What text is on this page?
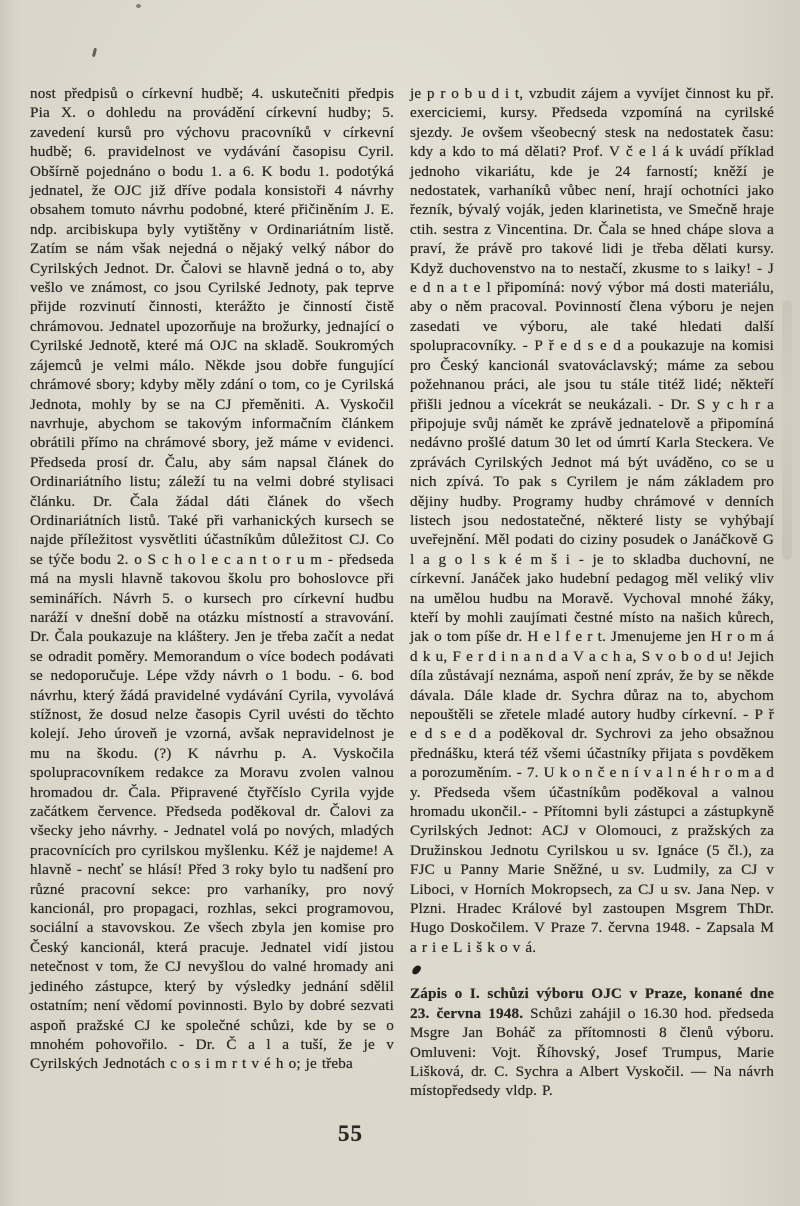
nost předpisů o církevní hudbě; 4. uskutečniti předpis Pia X. o dohledu na provádění církevní hudby; 5. zavedení kursů pro výchovu pracovníků v církevní hudbě; 6. pravidelnost ve vydávání časopisu Cyril. Obšírně pojednáno o bodu 1. a 6. K bodu 1. podotýká jednatel, že OJC již dříve podala konsistoři 4 návrhy obsahem tomuto návrhu podobné, které přičiněním J. E. ndp. arcibiskupa byly vytištěny v Ordinariátním listě. Zatím se nám však nejedná o nějaký velký nábor do Cyrilských Jednot. Dr. Čalovi se hlavně jedná o to, aby vešlo ve známost, co jsou Cyrilské Jednoty, pak teprve přijde rozvinutí činnosti, kterážto je činností čistě chrámovou. Jednatel upozorňuje na brožurky, jednající o Cyrilské Jednotě, které má OJC na skladě. Soukromých zájemců je velmi málo. Někde jsou dobře fungující chrámové sbory; kdyby měly zdání o tom, co je Cyrilská Jednota, mohly by se na CJ přeměniti. A. Vyskočil navrhuje, abychom se takovým informačním článkem obrátili přímo na chrámové sbory, jež máme v evidenci. Předseda prosí dr. Čalu, aby sám napsal článek do Ordinariátního listu; záleží tu na velmi dobré stylisaci článku. Dr. Čala žádal dáti článek do všech Ordinariátních listů. Také při varhanických kursech se najde příležitost vysvětliti účastníkům důležitost CJ. Co se týče bodu 2. o S c h o l e c a n t o r u m - předseda má na mysli hlavně takovou školu pro bohoslovce při seminářích. Návrh 5. o kursech pro církevní hudbu naráží v dnešní době na otázku místností a stravování. Dr. Čala poukazuje na kláštery. Jen je třeba začít a nedat se odradit poměry. Memorandum o více bodech podávati se nedoporučuje. Lépe vždy návrh o 1 bodu. - 6. bod návrhu, který žádá pravidelné vydávání Cyrila, vyvolává stížnost, že dosud nelze časopis Cyril uvésti do těchto kolejí. Jeho úroveň je vzorná, avšak nepravidelnost je mu na škodu. (?) K návrhu p. A. Vyskočila spolupracovníkem redakce za Moravu zvolen valnou hromadou dr. Čala. Připravené čtyřčíslo Cyrila vyjde začátkem července. Předseda poděkoval dr. Čalovi za všecky jeho návrhy. - Jednatel volá po nových, mladých pracovnících pro cyrilskou myšlenku. Kéž je najdeme! A hlavně - nechť se hlásí! Před 3 roky bylo tu nadšení pro různé pracovní sekce: pro varhaníky, pro nový kancionál, pro propagaci, rozhlas, sekci programovou, sociální a stavovskou. Ze všech zbyla jen komise pro Český kancionál, která pracuje. Jednatel vidí jistou netečnost v tom, že CJ nevyšlou do valné hromady ani jediného zástupce, který by výsledky jednání sdělil ostatním; není vědomí povinnosti. Bylo by dobré sezvati aspoň pražské CJ ke společné schůzi, kde by se o mnohém pohovořilo. - Dr. Č a l a tuší, že je v Cyrilských Jednotách c o s i m r t v é h o; je třeba

je p r o b u d i t, vzbudit zájem a vyvíjet činnost ku př. exerciciemi, kursy. Předseda vzpomíná na cyrilské sjezdy. Je ovšem všeobecný stesk na nedostatek času: kdy a kdo to má dělati? Prof. V č e l á k uvádí příklad jednoho vikariátu, kde je 24 farností; kněží je nedostatek, varhaníků vůbec není, hrají ochotníci jako řezník, bývalý voják, jeden klarinetista, ve Smečně hraje ctih. sestra z Vincentina. Dr. Čala se hned chápe slova a praví, že právě pro takové lidi je třeba dělati kursy. Když duchovenstvo na to nestačí, zkusme to s laiky! - J e d n a t e l připomíná: nový výbor má dosti materiálu, aby o něm pracoval. Povinností člena výboru je nejen zasedati ve výboru, ale také hledati další spolupracovníky. - P ř e d s e d a poukazuje na komisi pro Český kancionál svatováclavský; máme za sebou požehnanou práci, ale jsou tu stále titéž lidé; někteří přišli jednou a vícekrát se neukázali. - Dr. S y c h r a připojuje svůj námět ke zprávě jednatelově a připomíná nedávno prošlé datum 30 let od úmrtí Karla Steckera. Ve zprávách Cyrilských Jednot má být uváděno, co se u nich zpívá. To pak s Cyrilem je nám základem pro dějiny hudby. Programy hudby chrámové v denních listech jsou nedostatečné, některé listy se vyhýbají uveřejnění. Měl podati do ciziny posudek o Janáčkově G l a g o l s k é m š i - je to skladba duchovní, ne církevní. Janáček jako hudební pedagog měl veliký vliv na umělou hudbu na Moravě. Vychoval mnohé žáky, kteří by mohli zaujímati čestné místo na našich kůrech, jak o tom píše dr. H e l f e r t. Jmenujeme jen H r o m á d k u, F e r d i n a n d a V a c h a, S v o b o d u! Jejich díla zůstávají neznáma, aspoň není zpráv, že by se někde dávala. Dále klade dr. Sychra důraz na to, abychom nepouštěli se zřetele mladé autory hudby církevní. - P ř e d s e d a poděkoval dr. Sychrovi za jeho obsažnou přednášku, která též všemi účastníky přijata s povděkem a porozuměním. - 7. U k o n č e n í v a l n é h r o m a d y. Předseda všem účastníkům poděkoval a valnou hromadu ukončil.- - Přítomni byli zástupci a zástupkyně Cyrilských Jednot: ACJ v Olomouci, z pražských za Družinskou Jednotu Cyrilskou u sv. Ignáce (5 čl.), za FJC u Panny Marie Sněžné, u sv. Ludmily, za CJ v Liboci, v Horních Mokropsech, za CJ u sv. Jana Nep. v Plzni. Hradec Králové byl zastoupen Msgrem ThDr. Hugo Doskočilem. V Praze 7. června 1948. - Zapsala M a r i e L i š k o v á.

Zápis o I. schůzi výboru OJC v Praze, konané dne 23. června 1948. Schůzi zahájil o 16.30 hod. předseda Msgre Jan Boháč za přítomnosti 8 členů výboru. Omluveni: Vojt. Říhovský, Josef Trumpus, Marie Lišková, dr. C. Sychra a Albert Vyskočil. — Na návrh místopředsedy vldp. P.

55
